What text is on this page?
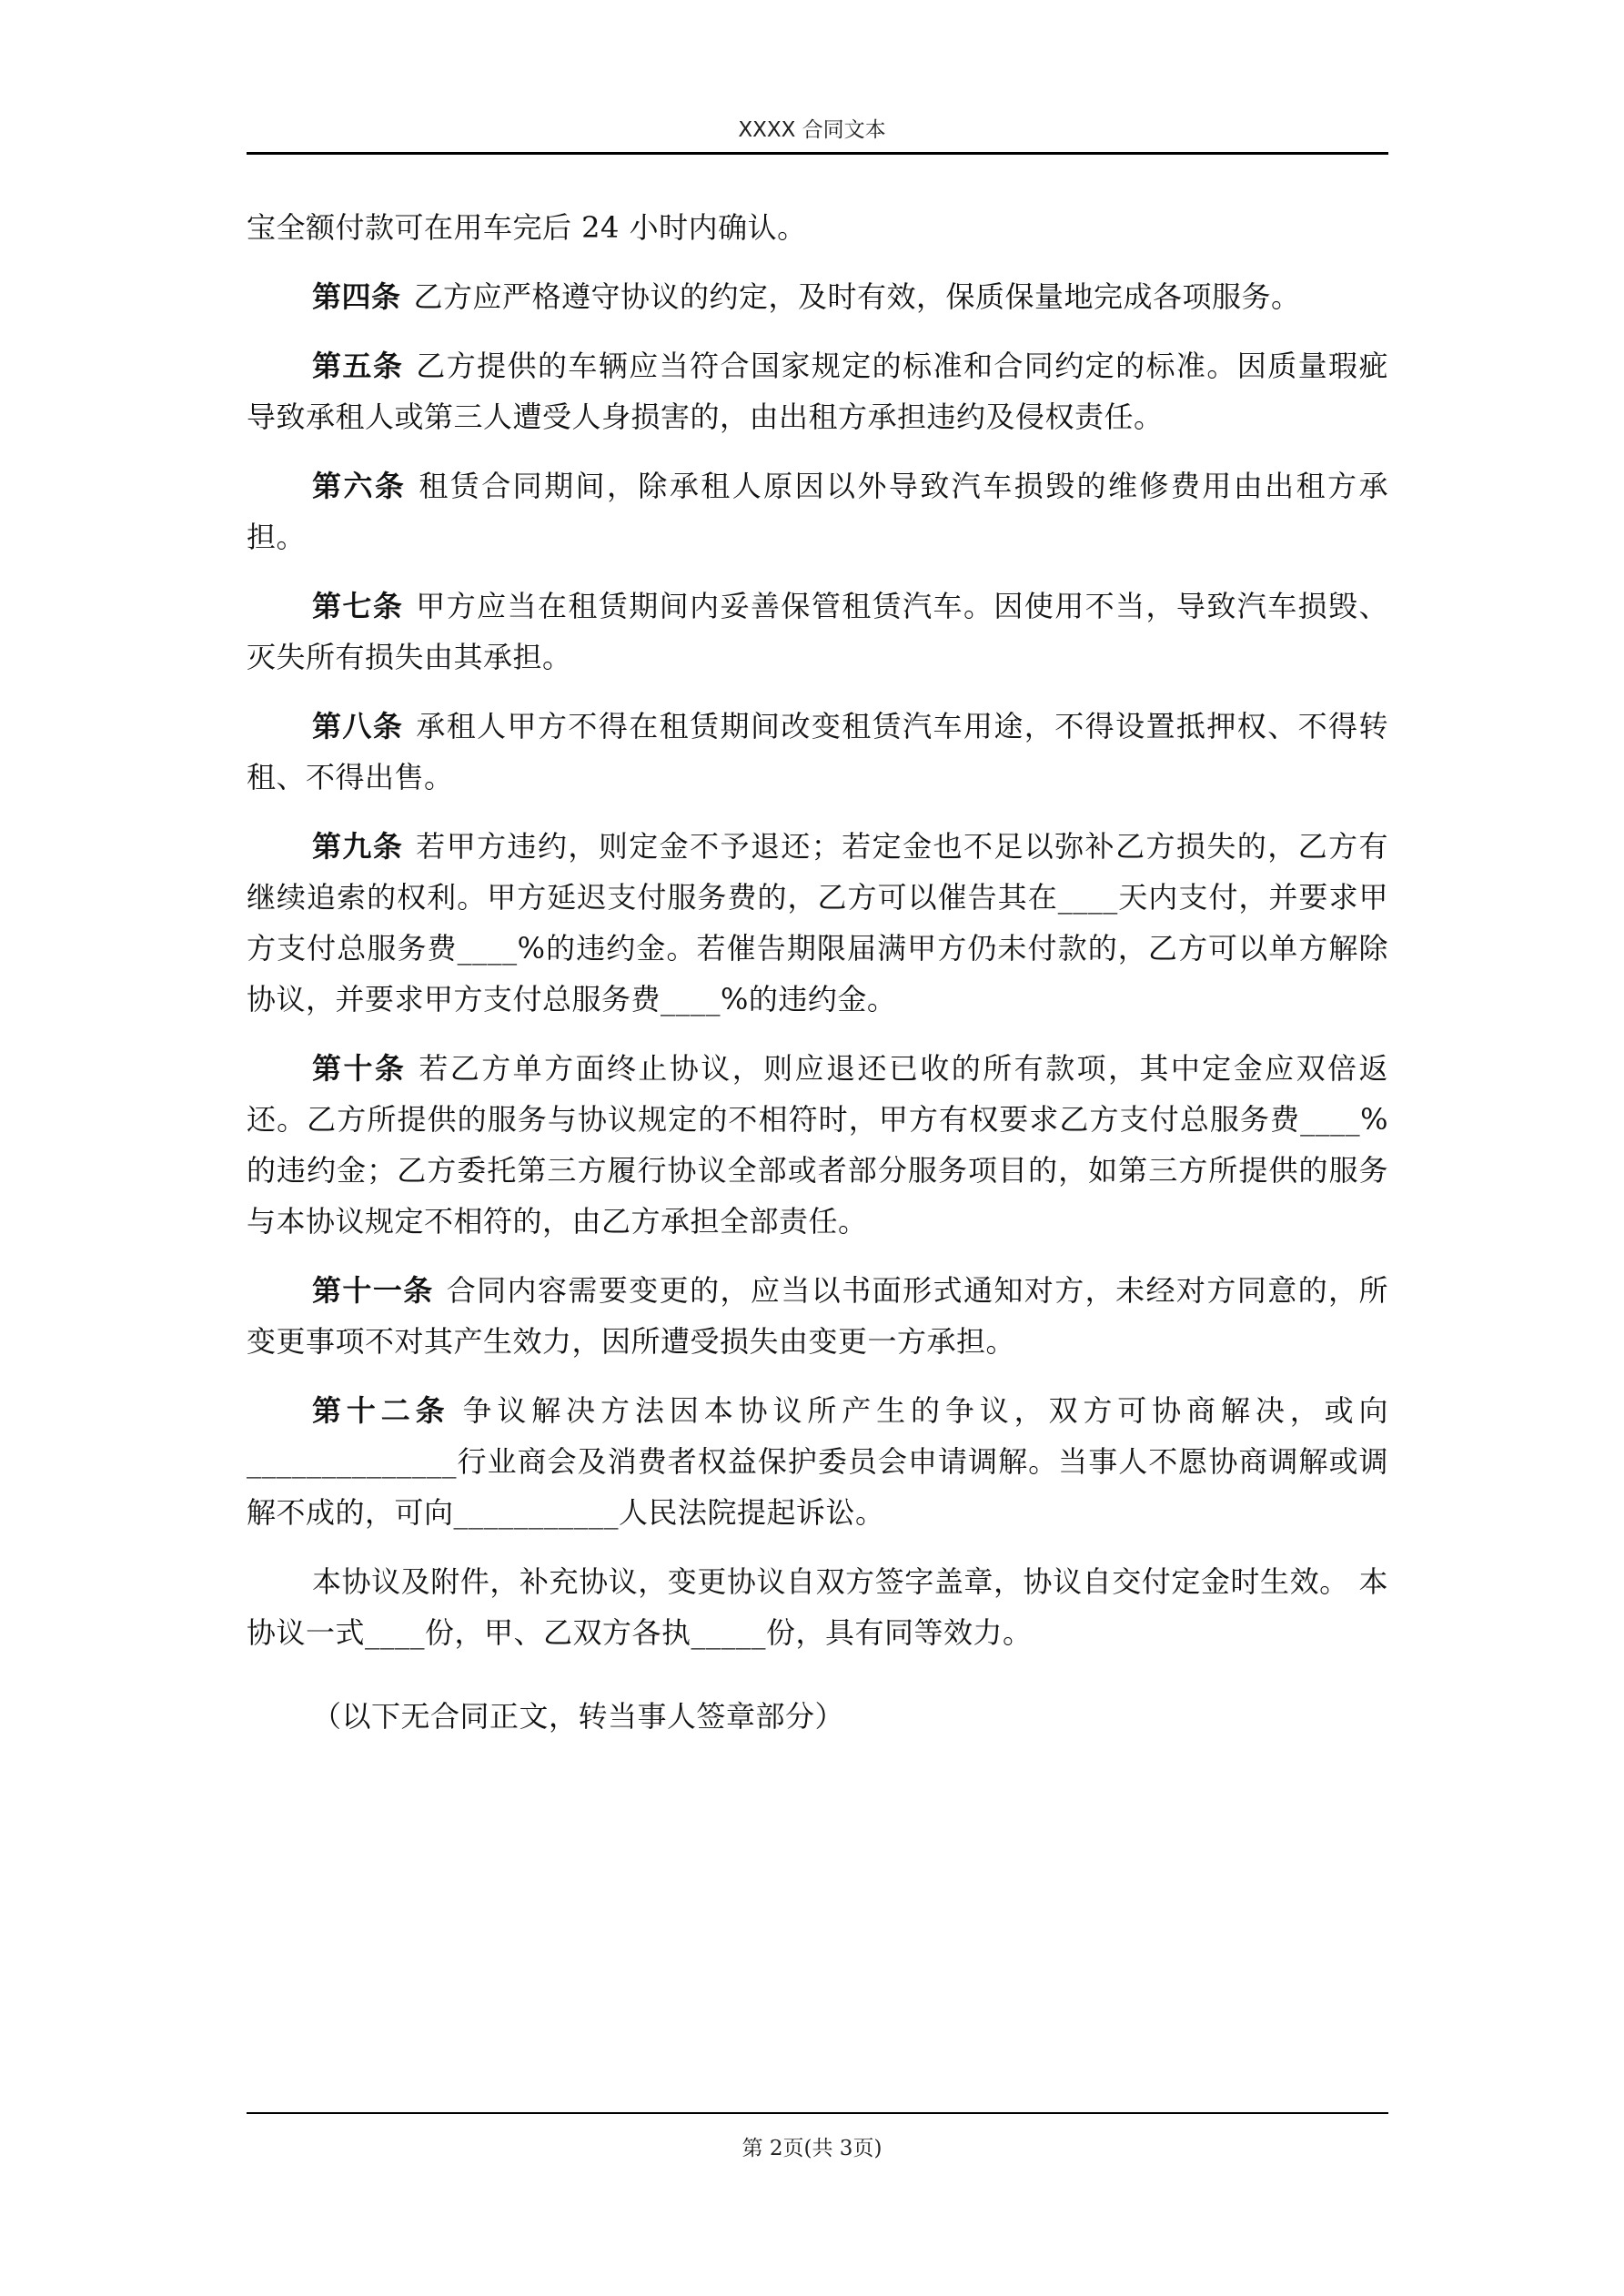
XXXX 合同文本

宝全额付款可在用车完后 24 小时内确认。

第四条 乙方应严格遵守协议的约定，及时有效，保质保量地完成各项服务。

第五条 乙方提供的车辆应当符合国家规定的标准和合同约定的标准。因质量瑕疵导致承租人或第三人遭受人身损害的，由出租方承担违约及侵权责任。

第六条 租赁合同期间，除承租人原因以外导致汽车损毁的维修费用由出租方承担。

第七条 甲方应当在租赁期间内妥善保管租赁汽车。因使用不当，导致汽车损毁、灭失所有损失由其承担。

第八条 承租人甲方不得在租赁期间改变租赁汽车用途，不得设置抵押权、不得转租、不得出售。

第九条 若甲方违约，则定金不予退还；若定金也不足以弥补乙方损失的，乙方有继续追索的权利。甲方延迟支付服务费的，乙方可以催告其在____天内支付，并要求甲方支付总服务费____%的违约金。若催告期限届满甲方仍未付款的，乙方可以单方解除协议，并要求甲方支付总服务费____%的违约金。

第十条 若乙方单方面终止协议，则应退还已收的所有款项，其中定金应双倍返还。乙方所提供的服务与协议规定的不相符时，甲方有权要求乙方支付总服务费____%的违约金；乙方委托第三方履行协议全部或者部分服务项目的，如第三方所提供的服务与本协议规定不相符的，由乙方承担全部责任。

第十一条 合同内容需要变更的，应当以书面形式通知对方，未经对方同意的，所变更事项不对其产生效力，因所遭受损失由变更一方承担。

第十二条 争议解决方法因本协议所产生的争议，双方可协商解决，或向______________行业商会及消费者权益保护委员会申请调解。当事人不愿协商调解或调解不成的，可向___________人民法院提起诉讼。

本协议及附件，补充协议，变更协议自双方签字盖章，协议自交付定金时生效。 本协议一式____份，甲、乙双方各执_____份，具有同等效力。

（以下无合同正文，转当事人签章部分）

第 2页(共 3页)
